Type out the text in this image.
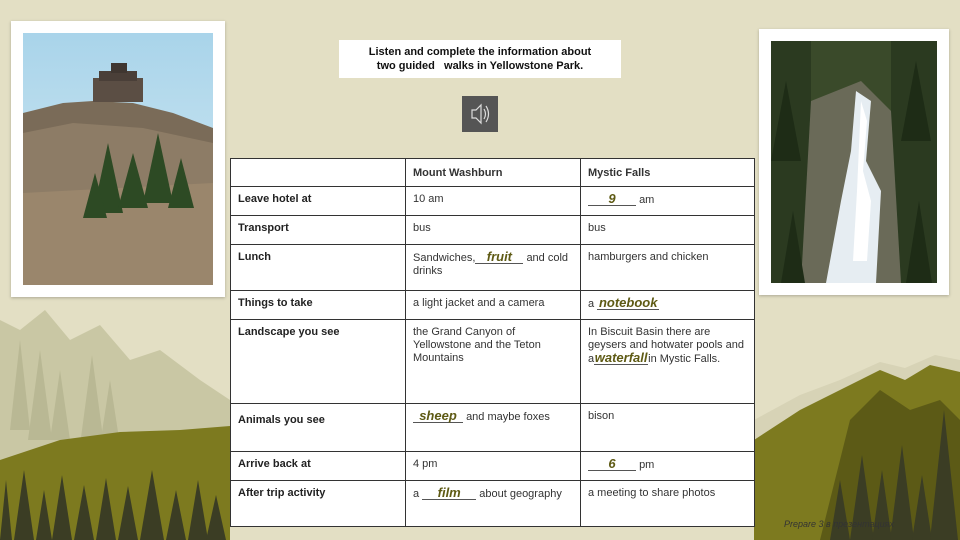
Listen and complete the information about
two guided   walks in Yellowstone Park.
	Mount Washburn	Mystic Falls
Leave hotel at	10 am	9 am
Transport	bus	bus
Lunch	Sandwiches, fruit and cold drinks	hamburgers and chicken
Things to take	a light jacket and a camera	a notebook
Landscape you see	the Grand Canyon of Yellowstone and the Teton Mountains	In Biscuit Basin there are geysers and hotwater pools and awaterfallin Mystic Falls.
Animals you see	sheep and maybe foxes	bison
Arrive back at	4 pm	6 pm
After trip activity	a film about geography	a meeting to share photos
Prepare 3 в презентациях
